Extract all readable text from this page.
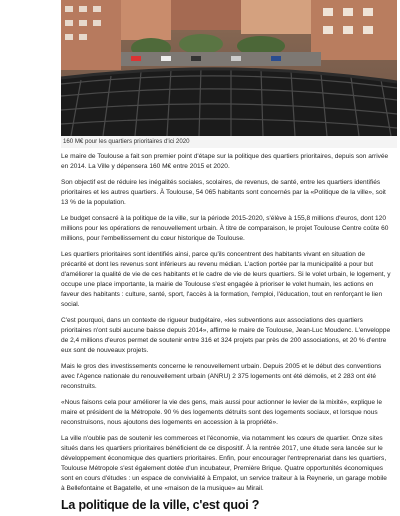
160 M€ pour les quartiers prioritaires d'ici 2020

Le maire de Toulouse a fait son premier point d'étape sur la politique des quartiers prioritaires, depuis son arrivée en 2014. La Ville y dépensera 160 M€ entre 2015 et 2020.

Son objectif est de réduire les inégalités sociales, scolaires, de revenus, de santé, entre les quartiers identifiés prioritaires et les autres quartiers. À Toulouse, 54 065 habitants sont concernés par la «Politique de la ville», soit 13 % de la population.

Le budget consacré à la politique de la ville, sur la période 2015-2020, s'élève à 155,8 millions d'euros, dont 120 millions pour les opérations de renouvellement urbain. À titre de comparaison, le projet Toulouse Centre coûte 60 millions, pour l'embellissement du cœur historique de Toulouse.

Les quartiers prioritaires sont identifiés ainsi, parce qu'ils concentrent des habitants vivant en situation de précarité et dont les revenus sont inférieurs au revenu médian. L'action portée par la municipalité a pour but d'améliorer la qualité de vie de ces habitants et le cadre de vie de leurs quartiers. Si le volet urbain, le logement, y occupe une place importante, la mairie de Toulouse s'est engagée à prioriser le volet humain, les actions en faveur des habitants : culture, santé, sport, l'accès à la formation, l'emploi, l'éducation, tout en renforçant le lien social.

C'est pourquoi, dans un contexte de rigueur budgétaire, «les subventions aux associations des quartiers prioritaires n'ont subi aucune baisse depuis 2014», affirme le maire de Toulouse, Jean-Luc Moudenc. L'enveloppe de 2,4 millions d'euros permet de soutenir entre 316 et 324 projets par près de 200 associations, et 20 % d'entre eux sont de nouveaux projets.

Mais le gros des investissements concerne le renouvellement urbain. Depuis 2005 et le début des conventions avec l'Agence nationale du renouvellement urbain (ANRU) 2 375 logements ont été démolis, et 2 283 ont été reconstruits.

«Nous faisons cela pour améliorer la vie des gens, mais aussi pour actionner le levier de la mixité», explique le maire et président de la Métropole. 90 % des logements détruits sont des logements sociaux, et lorsque nous reconstruisons, nous ajoutons des logements en accession à la propriété».

La ville n'oublie pas de soutenir les commerces et l'économie, via notamment les cœurs de quartier. Onze sites situés dans les quartiers prioritaires bénéficient de ce dispositif. À la rentrée 2017, une étude sera lancée sur le développement économique des quartiers prioritaires. Enfin, pour encourager l'entreprenariat dans les quartiers, Toulouse Métropole s'est également dotée d'un incubateur, Première Brique. Quatre opportunités économiques sont en cours d'études : un espace de convivialité à Empalot, un service traiteur à la Reynerie, un garage mobile à Bellefontaine et Bagatelle, et une «maison de la musique» au Mirail.

La politique de la ville, c'est quoi ?
